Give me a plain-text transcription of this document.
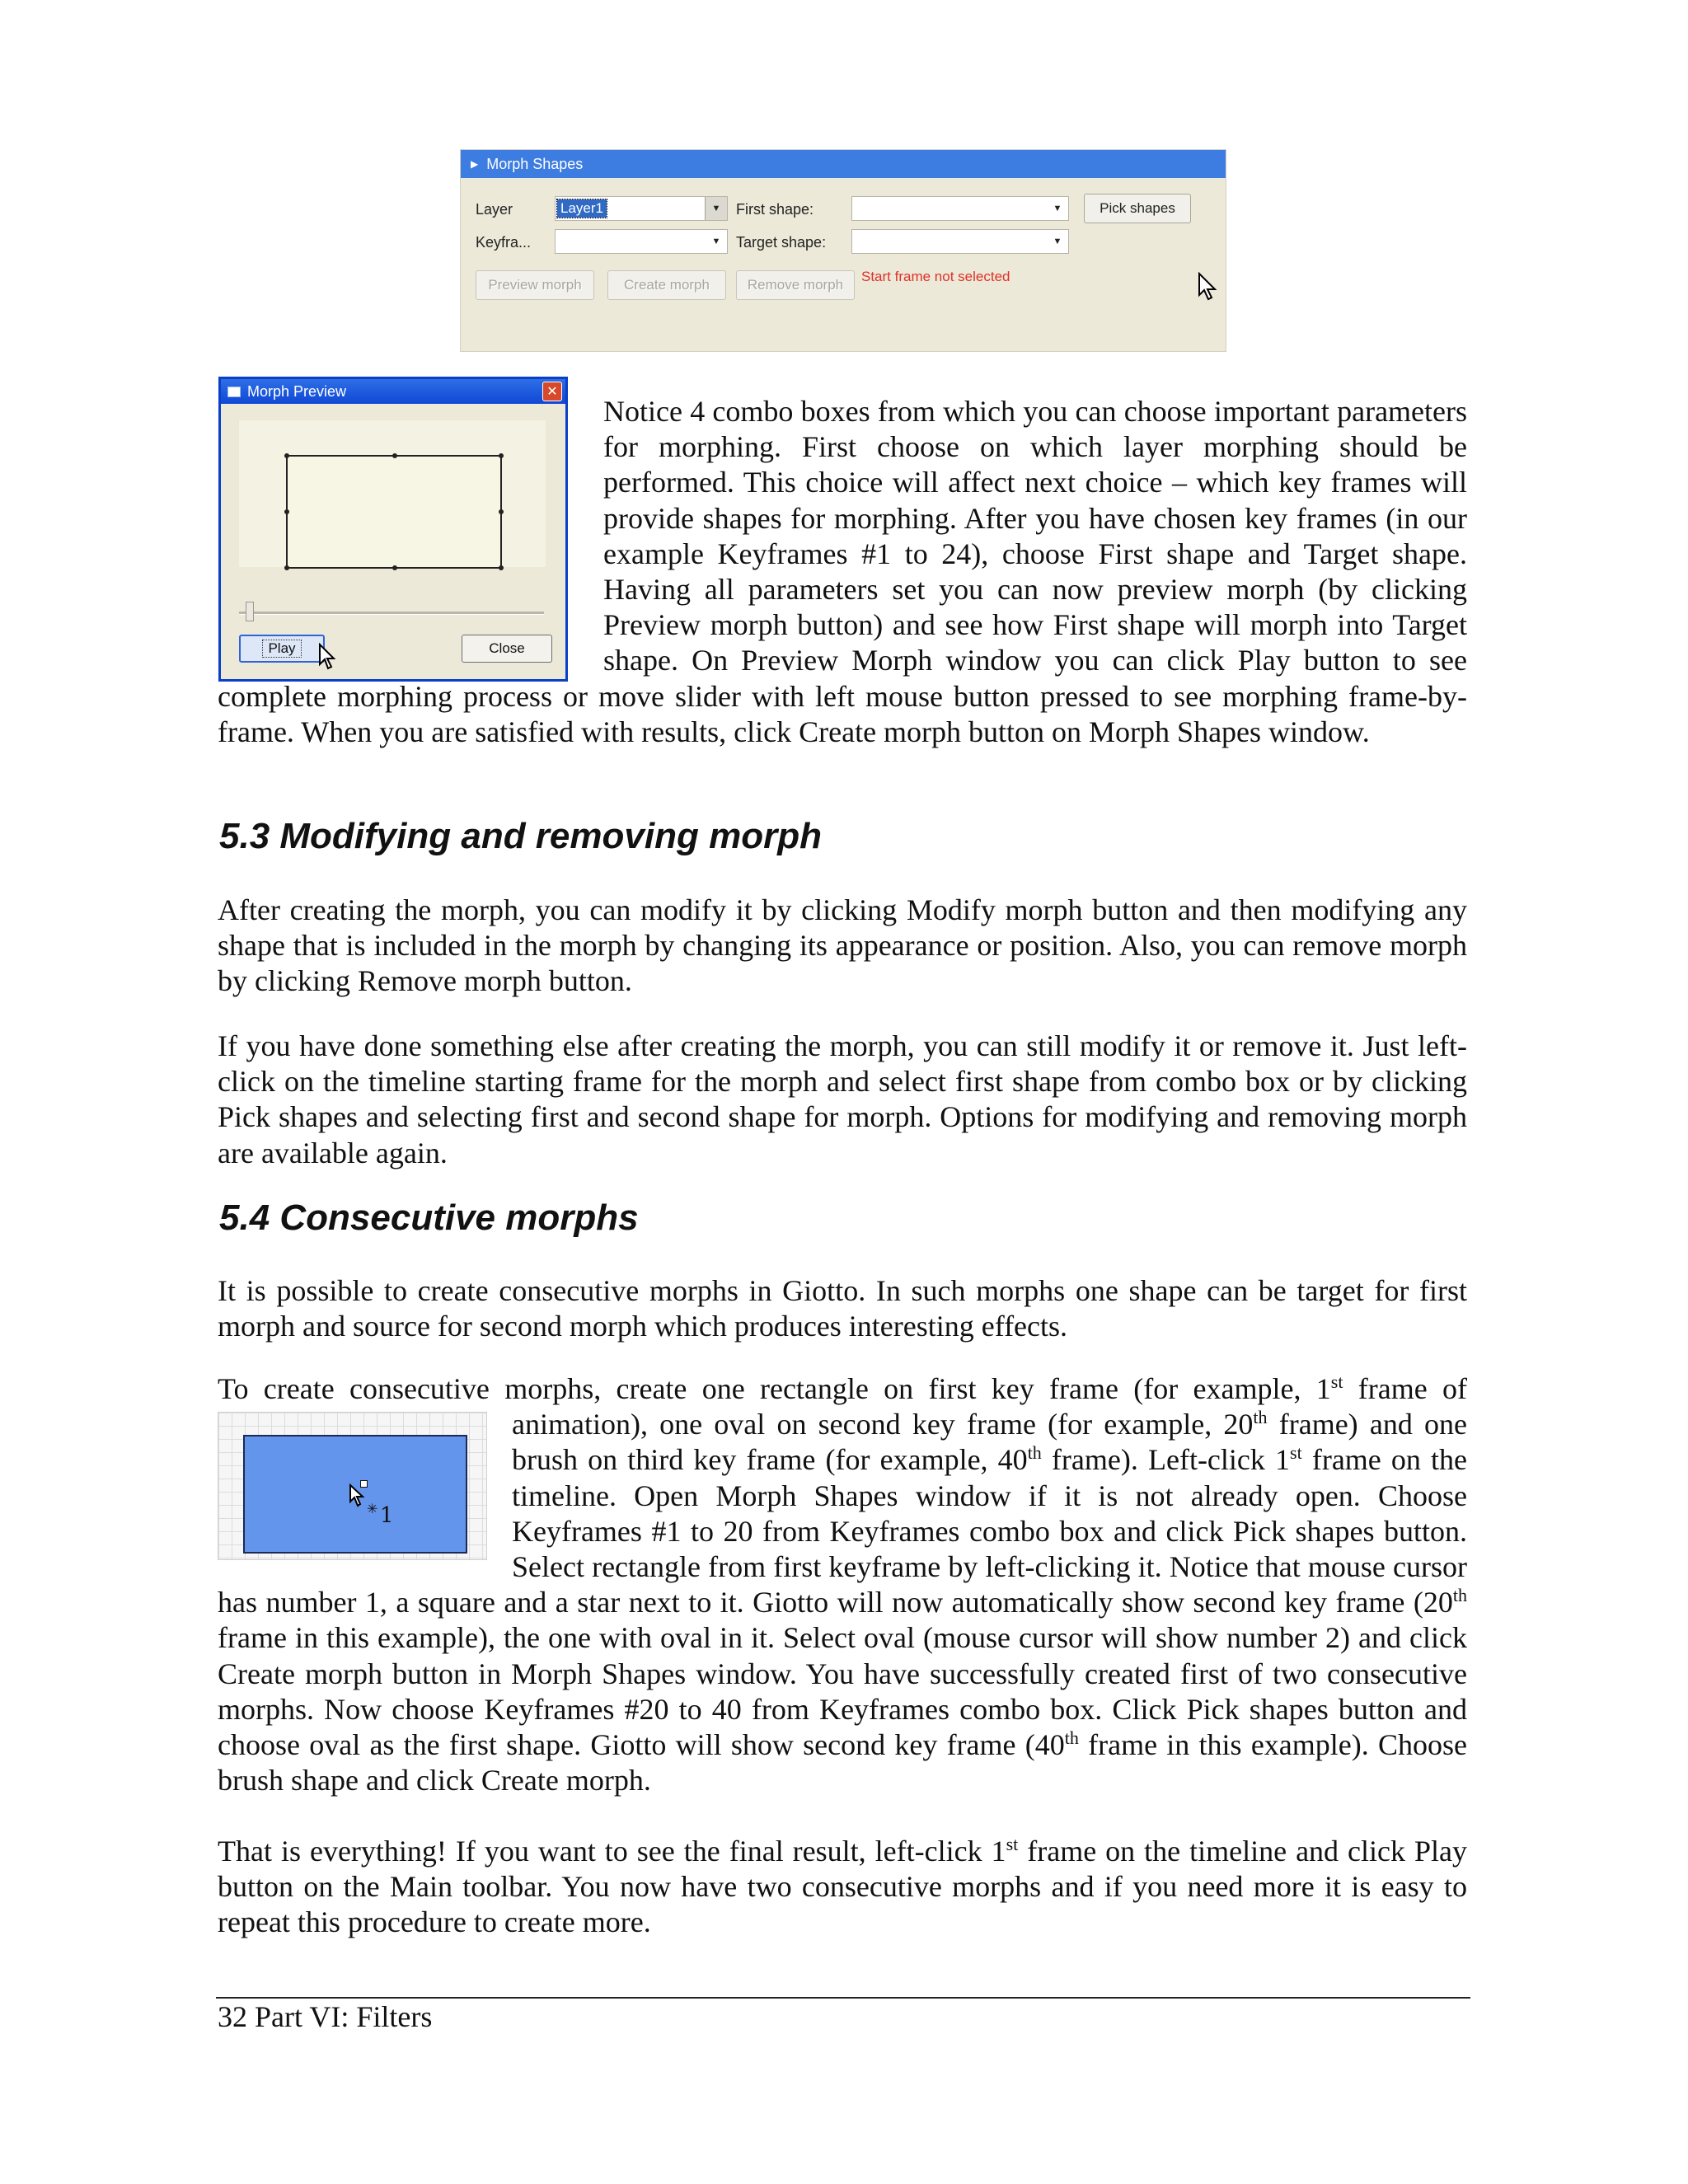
▶ Morph Shapes
Layer	Layer1	▼
Keyfra...	▼
First shape:	▼
Target shape:	▼
Pick shapes
Preview morph	Create morph	Remove morph
Start frame not selected
Morph Preview	✕
Play	Close
Notice 4 combo boxes from which you can choose important parameters for morphing. First choose on which layer morphing should be performed. This choice will affect next choice – which key frames will provide shapes for morphing. After you have chosen key frames (in our example Keyframes #1 to 24), choose First shape and Target shape. Having all parameters set you can now preview morph (by clicking Preview morph button) and see how First shape will morph into Target shape. On Preview Morph window you can click Play button to see complete morphing process or move slider with left mouse button pressed to see morphing frame-by-frame. When you are satisfied with results, click Create morph button on Morph Shapes window.
5.3 Modifying and removing morph

After creating the morph, you can modify it by clicking Modify morph button and then modifying any shape that is included in the morph by changing its appearance or position. Also, you can remove morph by clicking Remove morph button.

If you have done something else after creating the morph, you can still modify it or remove it. Just left-click on the timeline starting frame for the morph and select first shape from combo box or by clicking Pick shapes and selecting first and second shape for morph. Options for modifying and removing morph are available again.

5.4 Consecutive morphs

It is possible to create consecutive morphs in Giotto. In such morphs one shape can be target for first morph and source for second morph which produces interesting effects.

To create consecutive morphs, create one rectangle on first key frame (for example, 1st frame of animation), one oval on second key frame (for example, 20th
✳ 1
frame) and one brush on third key frame (for example, 40th frame). Left-click 1st frame on the timeline. Open Morph Shapes window if it is not already open. Choose Keyframes #1 to 20 from Keyframes combo box and click Pick shapes button. Select rectangle from first keyframe by left-clicking it. Notice that mouse cursor has number 1, a square and a star next to it. Giotto will now automatically show second key frame (20th frame in this example), the one with oval in it. Select oval (mouse cursor will show number 2) and click Create morph button in Morph Shapes window. You have successfully created first of two consecutive morphs. Now choose Keyframes #20 to 40 from Keyframes combo box. Click Pick shapes button and choose oval as the first shape. Giotto will show second key frame (40th frame in this example). Choose brush shape and click Create morph.
That is everything! If you want to see the final result, left-click 1st frame on the timeline and click Play button on the Main toolbar. You now have two consecutive morphs and if you need more it is easy to repeat this procedure to create more.
32 Part VI: Filters
